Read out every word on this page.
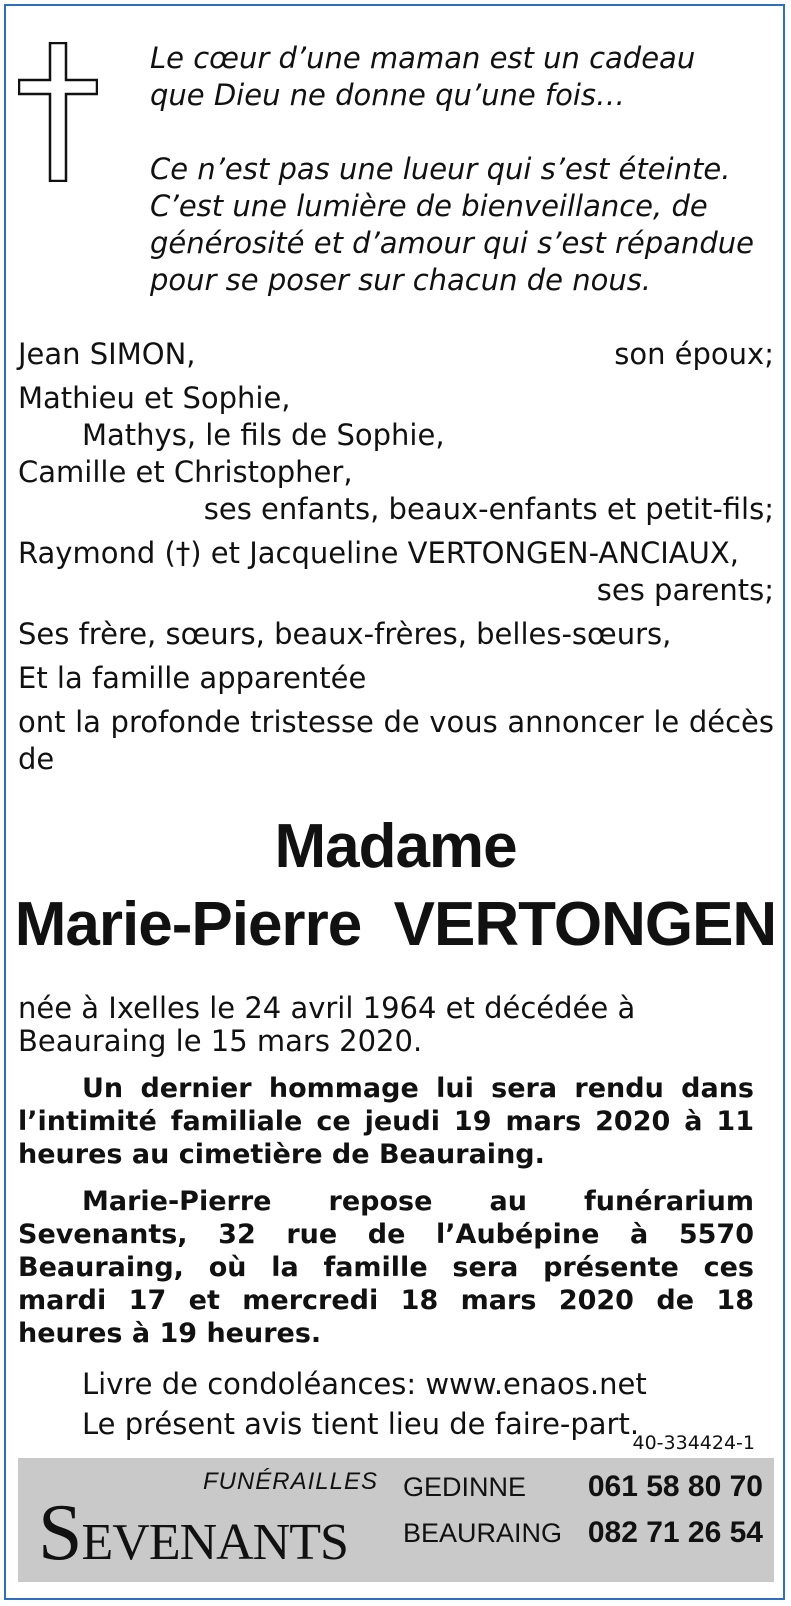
Le cœur d’une maman est un cadeau
que Dieu ne donne qu’une fois…

Ce n’est pas une lueur qui s’est éteinte.
C’est une lumière de bienveillance, de
générosité et d’amour qui s’est répandue
pour se poser sur chacun de nous.

Jean SIMON,	son époux;
Mathieu et Sophie,
Mathys, le fils de Sophie,
Camille et Christopher,
ses enfants, beaux-enfants et petit-fils;
Raymond (†) et Jacqueline VERTONGEN-ANCIAUX,
ses parents;
Ses frère, sœurs, beaux-frères, belles-sœurs,
Et la famille apparentée
ont la profonde tristesse de vous annoncer le décès de
Madame
Marie-Pierre  VERTONGEN

née à Ixelles le 24 avril 1964 et décédée à Beauraing le 15 mars 2020.

Un dernier hommage lui sera rendu dans l’intimité familiale ce jeudi 19 mars 2020 à 11 heures au cimetière de Beauraing.

Marie-Pierre repose au funérarium Sevenants, 32 rue de l’Aubépine à 5570 Beauraing, où la famille sera présente ces mardi 17 et mercredi 18 mars 2020 de 18 heures à 19 heures.

Livre de condoléances: www.enaos.net

Le présent avis tient lieu de faire-part.

40-334424-1
FUNÉRAILLES
SEVENANTS
GEDINNE 061 58 80 70
BEAURAING 082 71 26 54
